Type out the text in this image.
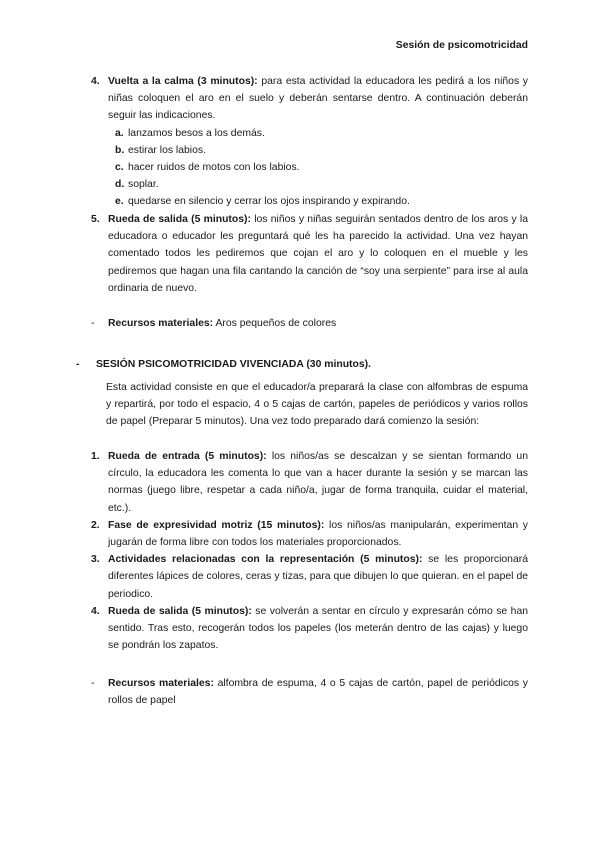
Sesión de psicomotricidad
4. Vuelta a la calma (3 minutos): para esta actividad la educadora les pedirá a los niños y niñas coloquen el aro en el suelo y deberán sentarse dentro. A continuación deberán seguir las indicaciones.
a. lanzamos besos a los demás.
b. estirar los labios.
c. hacer ruidos de motos con los labios.
d. soplar.
e. quedarse en silencio y cerrar los ojos inspirando y expirando.
5. Rueda de salida (5 minutos): los niños y niñas seguirán sentados dentro de los aros y la educadora o educador les preguntará qué les ha parecido la actividad. Una vez hayan comentado todos les pediremos que cojan el aro y lo coloquen en el mueble y les pediremos que hagan una fila cantando la canción de “soy una serpiente” para irse al aula ordinaria de nuevo.
- Recursos materiales: Aros pequeños de colores
- SESIÓN PSICOMOTRICIDAD VIVENCIADA (30 minutos).
Esta actividad consiste en que el educador/a preparará la clase con alfombras de espuma y repartirá, por todo el espacio, 4 o 5 cajas de cartón, papeles de periódicos y varios rollos de papel (Preparar 5 minutos). Una vez todo preparado dará comienzo la sesión:
1. Rueda de entrada (5 minutos): los niños/as se descalzan y se sientan formando un círculo, la educadora les comenta lo que van a hacer durante la sesión y se marcan las normas (juego libre, respetar a cada niño/a, jugar de forma tranquila, cuidar el material, etc.).
2. Fase de expresividad motriz (15 minutos): los niños/as manipularán, experimentan y jugarán de forma libre con todos los materiales proporcionados.
3. Actividades relacionadas con la representación (5 minutos): se les proporcionará diferentes lápices de colores, ceras y tizas, para que dibujen lo que quieran. en el papel de periodico.
4. Rueda de salida (5 minutos): se volverán a sentar en círculo y expresarán cómo se han sentido. Tras esto, recogerán todos los papeles (los meterán dentro de las cajas) y luego se pondrán los zapatos.
- Recursos materiales: alfombra de espuma, 4 o 5 cajas de cartón, papel de periódicos y rollos de papel
